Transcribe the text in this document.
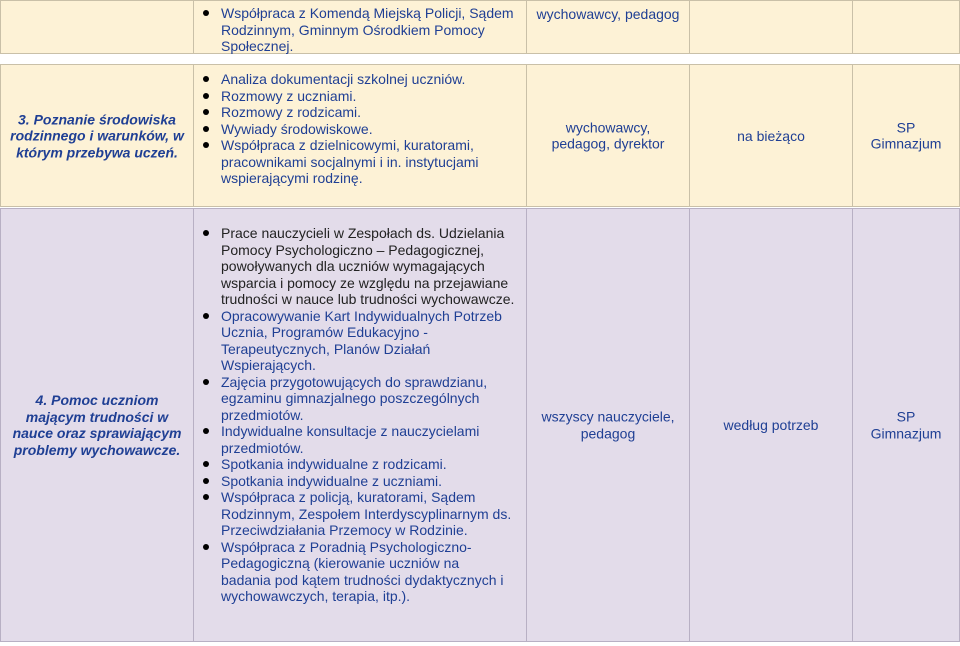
Współpraca z Komendą Miejską Policji, Sądem Rodzinnym, Gminnym Ośrodkiem Pomocy Społecznej.
wychowawcy, pedagog
3. Poznanie środowiska rodzinnego i warunków, w którym przebywa uczeń.
Analiza dokumentacji szkolnej uczniów.
Rozmowy z uczniami.
Rozmowy z rodzicami.
Wywiady środowiskowe.
Współpraca z dzielnicowymi, kuratorami, pracownikami socjalnymi i in. instytucjami wspierającymi rodzinę.
wychowawcy, pedagog, dyrektor
na bieżąco
SP
Gimnazjum
4. Pomoc uczniom mającym trudności w nauce oraz sprawiającym problemy wychowawcze.
Prace nauczycieli w Zespołach ds. Udzielania Pomocy Psychologiczno – Pedagogicznej, powoływanych dla uczniów wymagających wsparcia i pomocy ze względu na przejawiane trudności w nauce lub trudności wychowawcze.
Opracowywanie Kart Indywidualnych Potrzeb Ucznia, Programów Edukacyjno - Terapeutycznych, Planów Działań Wspierających.
Zajęcia przygotowujących do sprawdzianu, egzaminu gimnazjalnego poszczególnych przedmiotów.
Indywidualne konsultacje z nauczycielami przedmiotów.
Spotkania indywidualne z rodzicami.
Spotkania indywidualne z uczniami.
Współpraca z policją, kuratorami, Sądem Rodzinnym, Zespołem Interdyscyplinarnym ds. Przeciwdziałania Przemocy w Rodzinie.
Współpraca z Poradnią Psychologiczno-Pedagogiczną (kierowanie uczniów na badania pod kątem trudności dydaktycznych i wychowawczych, terapia, itp.).
wszyscy nauczyciele, pedagog
według potrzeb
SP
Gimnazjum
